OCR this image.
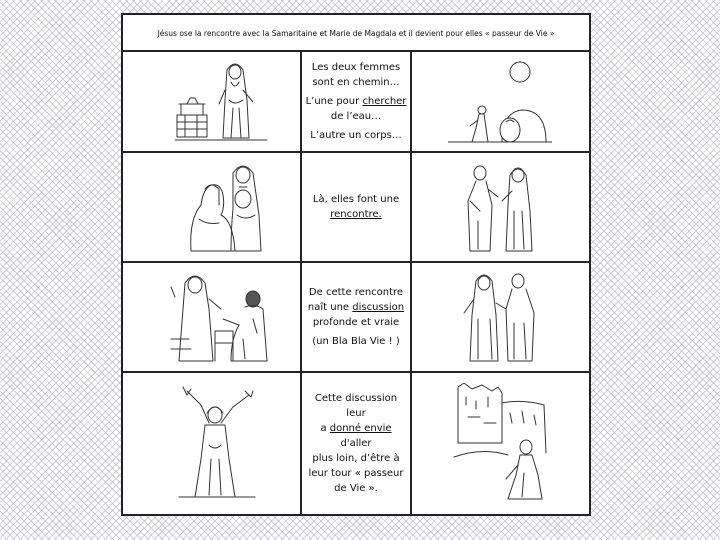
Jésus ose la rencontre avec la Samaritaine et Marie de Magdala et il devient pour elles « passeur de Vie »

Les deux femmes
sont en chemin…

L’une pour chercher
de l’eau…

L’autre un corps…

Là, elles font une
rencontre.

De cette rencontre
naît une discussion
profonde et vraie

(un Bla Bla Vie ! )

Cette discussion leur
a donné envie d'aller
plus loin, d’être à
leur tour « passeur
de Vie ».
